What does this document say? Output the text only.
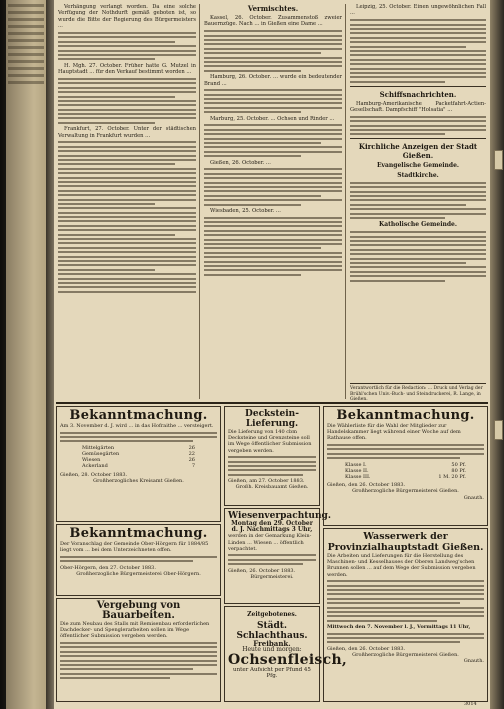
Verhängung verlangt worden. Da eine solche Verfügung der Nothdurft gemäß geboten ist, so wurde die Bitte der Regierung des Bürgermeisters ...

H. Mgh. 27. October. Früher hatte G. Mutzel in Hauptstadt ... für den Verkauf bestimmt worden ...

Frankfurt, 27. October. Unter der städtischen Verwaltung in Frankfurt wurden ...

Vermischtes.

Kassel, 26. October. Zusammenstoß zweier Bauernzüge. Nach ... in Gießen eine Dame ...

Hamburg, 26. October. ... wurde ein bedeutender Brand ...

Marburg, 25. October. ... Ochsen und Rinder ...

Gießen, 26. October. ...

Wiesbaden, 25. October. ...

Leipzig, 25. October. Einen ungewöhnlichen Fall ...

Schiffsnachrichten.

Hamburg-Amerikanische Packetfahrt-Actien-Gesellschaft. Dampfschiff "Holsatia" ...

Kirchliche Anzeigen der Stadt Gießen.
Evangelische Gemeinde.
Stadtkirche.
Katholische Gemeinde.
Verantwortlich für die Redaction: ... Druck und Verlag der Brühl'schen Univ.-Buch- und Steindruckerei, R. Lange, in Gießen.
Bekanntmachung.
Am 3. November d. J. wird ... in das Hofraithe ... versteigert.
Mittelgärten	26
Gemüsegärten	22
Wiesen	26
Ackerland	7
Gießen, 28. October 1883.
Großherzogliches Kreisamt Gießen.
Bekanntmachung.
Der Voranschlag der Gemeinde Ober-Hörgern für 1884/85 liegt vom ... bei dem Unterzeichneten offen.
Ober-Hörgern, den 27. October 1883.
Großherzogliche Bürgermeisterei Ober-Hörgern.
Vergebung von Bauarbeiten.
Die zum Neubau des Stalls mit Remisenbau erforderlichen Dachdecker- und Spenglerarbeiten sollen im Wege öffentlicher Submission vergeben werden.
Deckstein-Lieferung.
Die Lieferung von 140 cbm Decksteine und Grenzsteine soll im Wege öffentlicher Submission vergeben werden.
Gießen, am 27. October 1883.
Großh. Kreisbauamt Gießen.
Wiesenverpachtung.
Montag den 29. October
d. J. Nachmittags 3 Uhr,
werden in der Gemarkung Klein-Linden ... Wiesen ... öffentlich verpachtet.
Gießen, 26. October 1883.
Bürgermeisterei.
Zeitgebotenes.
Städt. Schlachthaus.
Freibank.
Heute und morgen:
Ochsenfleisch,
unter Aufsicht per Pfund 45 Pfg.
Bekanntmachung.
Die Wählerliste für die Wahl der Mitglieder zur Handelskammer liegt während einer Woche auf dem Rathause offen.
Klasse I.	50 Pf.
Klasse II.	80 Pf.
Klasse III.	1 M. 20 Pf.
Gießen, den 26. October 1883.
Großherzogliche Bürgermeisterei Gießen.
Gnauth.
Wasserwerk der Provinzialhauptstadt Gießen.
Die Arbeiten und Lieferungen für die Herstellung des Maschinen- und Kesselhauses der Oberen Landweg'schen Brunnen sollen ... auf dem Wege der Submission vergeben werden.
Mittwoch den 7. November l. J., Vormittags 11 Uhr,
Gießen, den 26. October 1883.
Großherzogliche Bürgermeisterei Gießen.
Gnauth.
3014
